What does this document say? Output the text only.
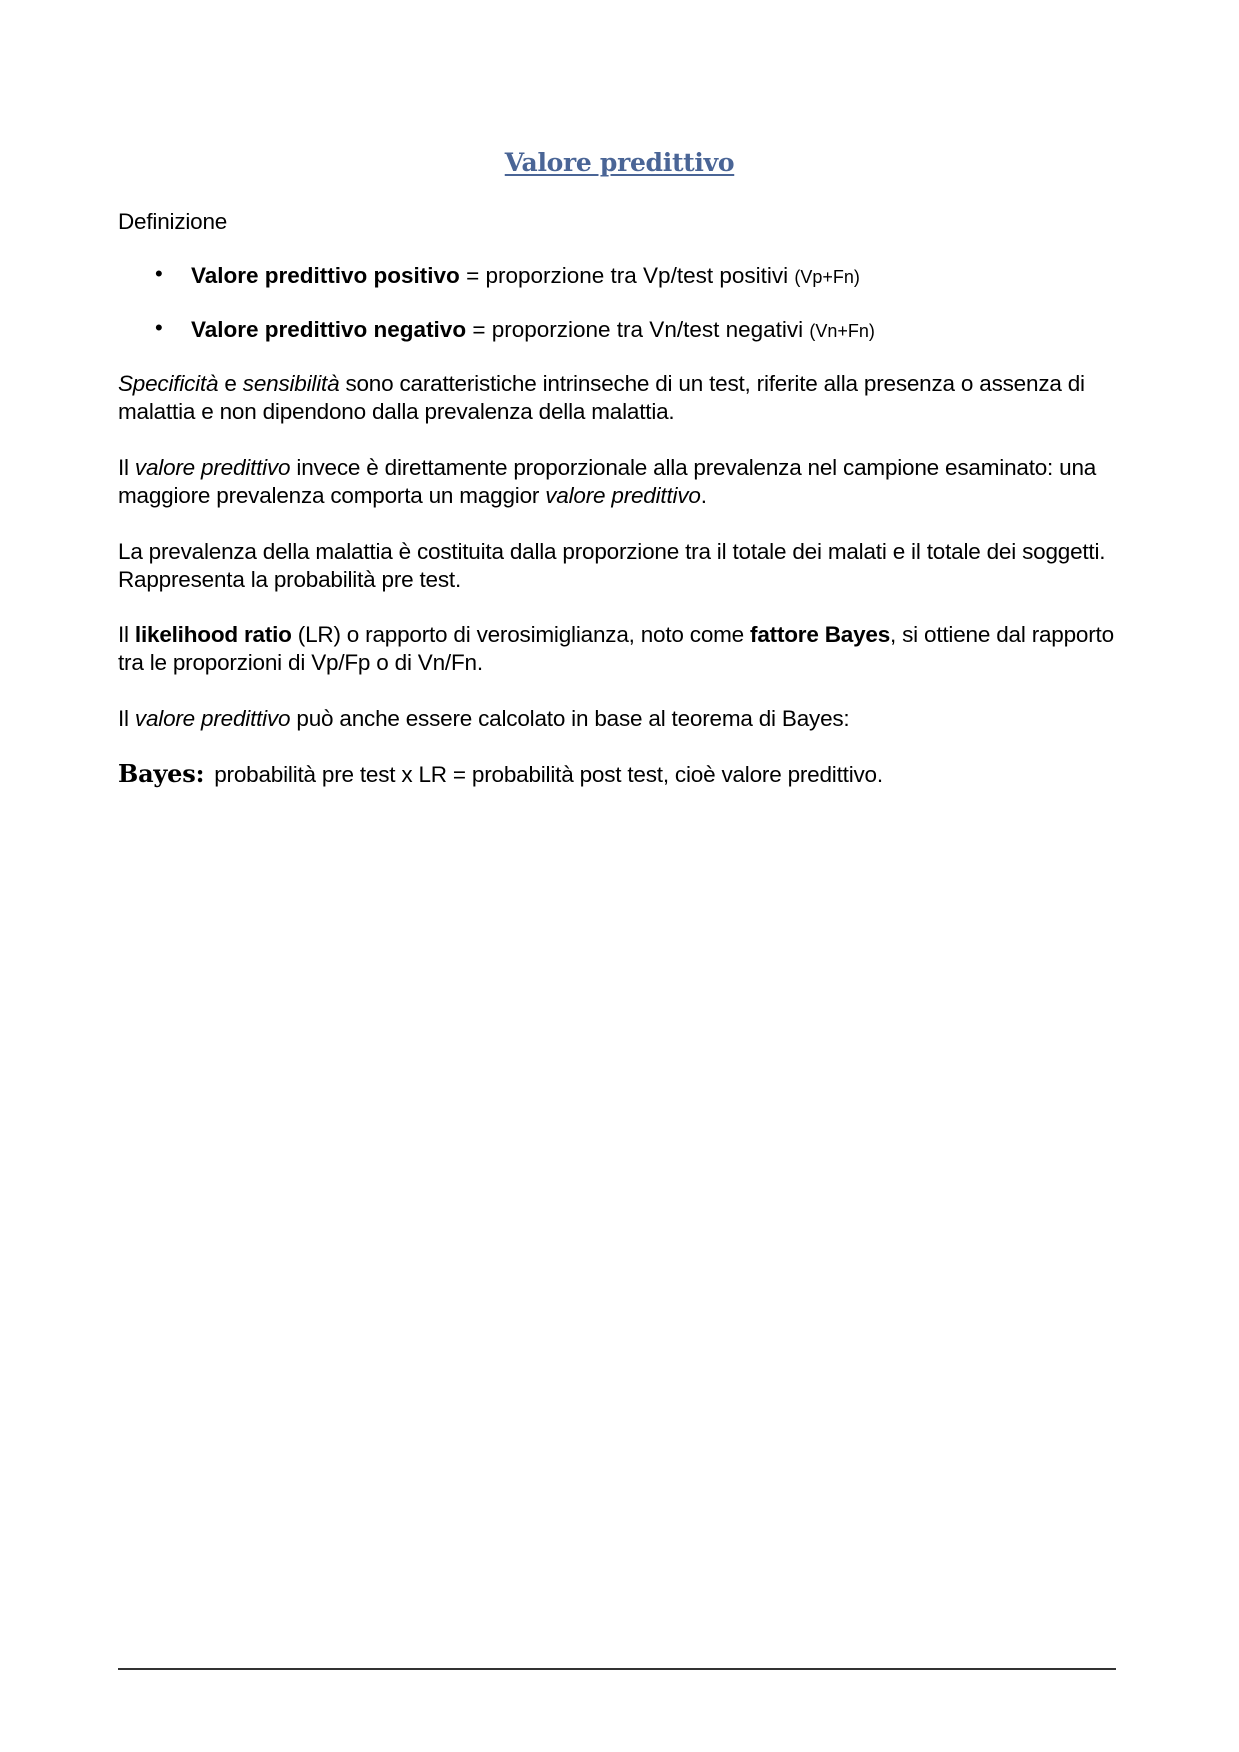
Valore predittivo
Definizione
• Valore predittivo positivo = proporzione tra Vp/test positivi (Vp+Fn)
• Valore predittivo negativo = proporzione tra Vn/test negativi (Vn+Fn)
Specificità e sensibilità sono caratteristiche intrinseche di un test, riferite alla presenza o assenza di malattia e non dipendono dalla prevalenza della malattia.
Il valore predittivo invece è direttamente proporzionale alla prevalenza nel campione esaminato: una maggiore prevalenza comporta un maggior valore predittivo.
La prevalenza della malattia è costituita dalla proporzione tra il totale dei malati e il totale dei soggetti. Rappresenta la probabilità pre test.
Il likelihood ratio (LR) o rapporto di verosimiglianza, noto come fattore Bayes, si ottiene dal rapporto tra le proporzioni di Vp/Fp o di Vn/Fn.
Il valore predittivo può anche essere calcolato in base al teorema di Bayes:
Bayes: probabilità pre test x LR = probabilità post test, cioè valore predittivo.
